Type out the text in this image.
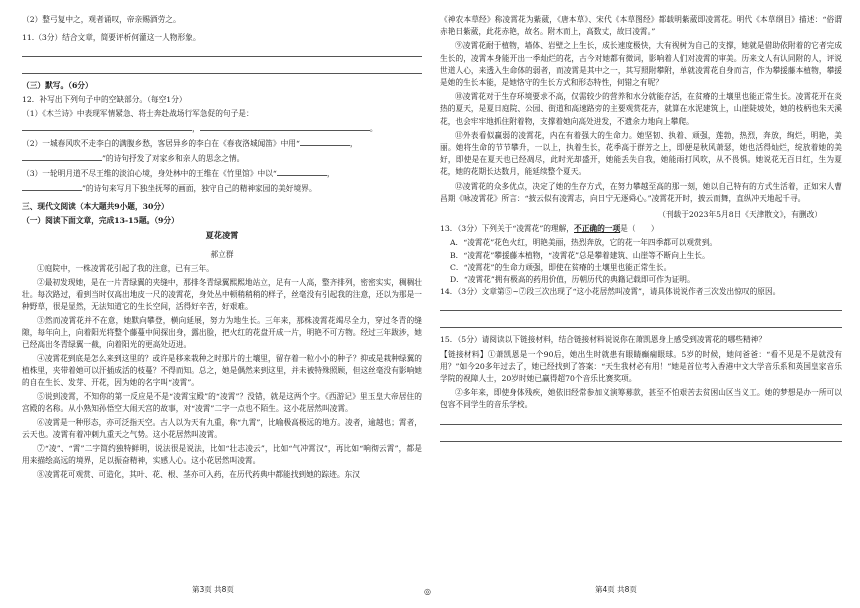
（2）整弓复中之，观者诵叹，帝亲赐酒劳之。

11.（3分）结合文章，简要评析何灌这一人物形象。

（三）默写。（6分）

12．补写出下列句子中的空缺部分。（每空1分）

（1）《木兰诗》中表现军情紧急、将士奔赴战场行军急促的句子是：

，	。

（2）一城春风吹不走李白的满腹乡愁，客居异乡的李白在《春夜洛城闻笛》中用“	，

”的诗句抒发了对家乡和亲人的思念之情。

（3）一轮明月道不尽王维的淡泊心境，身处林中的王维在《竹里馆》中以“	，

”的诗句来写月下独坐抚琴的画面，独守自己的精神家园的美好境界。

三、现代文阅读（本大题共9小题，30分）

（一）阅读下面文章，完成13-15题。（9分）

夏花凌霄

郝立群

①庭院中，一株凌霄花引起了我的注意，已有三年。

②最初发现她，是在一片青绿翼的夹缝中，那排冬青绿翼熙熙地站立，足有一人高，整齐排列，密密实实，稠稠壮壮。每次路过，看到当时仅高出地皮一尺的凌霄花，身处丛中顿稍稍稍的样子，丝毫没有引起我的注意，还以为那是一种野草，很是显然，无法知道它的生长空间，活得好辛苦，好艰难。

③然而凌霄花并不在意，她默向攀登，横向延展，努力为地生长。三年来，那株凌霄花竭尽全力，穿过冬青的缝隙，每年向上，向着阳光将整个藤蔓中间探出身，露出脸，把火红的花盘开成一片，明艳不可方物。经过三年跋涉，她已经高出冬青绿翼一截，向着阳光的更高处迈进。

④凌霄花到底是怎么来到这里的？或许是移来栽种之时那片的土壤里，留存着一粒小小的种子？抑或是栽种绿翼的植株里，夹带着她可以汗插成活的枝蔓？不得而知。总之，她是偶然来到这里，并未被特殊照顾，但这丝毫没有影响她的自在生长、发芽、开花，因为她的名字叫“凌霄”。

⑤说到凌霄，不知你的第一反应是不是“凌霄宝殿”的“凌霄”？没错，就是这两个字。《西游记》里玉皇大帝居住的宫殿的名称。从小熟知孙悟空大闹天宫的故事，对“凌霄”二字一点也不陌生。这小花居然叫凌霄。

⑥凌霄是一种形态，亦可泛指天空。古人以为天有九重，称“九霄”，比喻极高极远的地方。凌者，逾越也；霄者，云天也。凌霄有着冲刺九重天之气势。这小花居然叫凌霄。

⑦“凌”、“霄”二字简约独特鲜明，说法很是说法，比如“壮志凌云”，比如“气冲霄汉”，再比如“响彻云霄”，都是用来描绘高远的境界，足以振奋精神，实感人心。这小花居然叫凌霄。

⑧凌霄花可观赏、可造化，其叶、花、根、茎亦可入药，在历代药典中都能找到她的踪迹。东汉

第3页 共8页	◎

《神农本草经》称凌霄花为紫葳，《唐本草》、宋代《本草图经》都载明紫葳即凌霄花。明代《本草纲目》描述：“俗谓赤艳日紫葳，此花赤艳，故名。附木而上，高数丈，故曰凌霄。”

⑨凌霄花耐于植物，墙体、岩壁之上生长，成长速度极快，大有视树为自己的支撑，她就是借助依附着的它者完成生长的，凌霄本身能开出一季灿烂的花，古今对她都有微词，影响着人们对凌霄的审美。历来文人有认同附的人，评说世道人心，来透入生命体的弱者，而凌霄是其中之一，其写照附攀附，单就凌霄花自身而言，作为攀援藤本植物，攀援是她的生长本能，是她恪守的生长方式和形态特性，何错之有呢？

⑩凌霄花对于生存环境要求不高，仅需较少的营养和水分就能存活，在贫瘠的土壤里也能正常生长。凌霄花开在炎热的夏天，是夏日庭院、公园、街道和高速路旁的主要观赏花卉，就算在水泥建筑上，山崖陡坡处，她的枝柄也朱天溪花，也会牢牢地抓住附着物，支撑着她向高处进发，不遗余力地向上攀爬。

⑪外表看似赢弱的凌霄花，内在有着强大的生命力。她坚韧、执着、顽强，莲勃，热烈，奔放，绚烂，明艳，美丽。她将生命的节节攀升，一以上，执着生长，花季高于群芳之上，即便是秋风萧瑟，她也活得灿烂，绽放着她的美好，即使是在夏天也已经凋尽，此时光却盛开，她能丢失自我，她能雨打风吹，从不畏惧。她说花无百日红，生为夏花，她的花期长达数月，能延续整个夏天。

⑫凌霄花的众多优点，决定了她的生存方式，在努力攀越至高的那一刻，她以自己特有的方式生活着，正如宋人曹昌期《咏凌霄花》所言：“披云似有凌霄志，向日宁无逐舜心。”凌霄花开时，披云而舞，直纵冲天地起千寻。

（刊载于2023年5月8日《天津散文》，有删改）

13．（3分）下列关于“凌霄花”的理解，不正确的一项是（　　）

A．“凌霄花”花色火红，明艳美丽，热烈奔放，它的花一年四季都可以观赏到。

B．“凌霄花”攀援藤本植物，“凌霄花”总是攀着建筑、山崖等不断向上生长。

C．“凌霄花”的生命力顽强，即使在贫瘠的土壤里也能正常生长。

D．“凌霄花”拥有极高的药用价值，历朝历代的典籍记载即可作为证明。

14．（3分）文章第⑤~⑦段三次出现了“这小花居然叫凌霄”，请具体说说作者三次发出惊叹的原因。

15．（5分）请阅读以下链接材料，结合链接材料说说你在萧凯恩身上感受到凌霄花的哪些精神？

【链接材料】①萧凯恩是一个90后，她出生时就患有眼睛癫痫眼球。5岁的时候，她问爸爸：“看不见是不是就没有用？”如今20多年过去了，她已经找到了答案：“天生我材必有用！”她是首位考入香港中文大学音乐系和英国皇家音乐学院的视障人士，20岁时她已赢得超70个音乐比赛奖项。

②多年来，即使身体残疾，她依旧经常参加义演筹募款，甚至不怕艰苦去贫困山区当义工。她的梦想是办一所可以包容不同学生的音乐学校。

第4页 共8页
